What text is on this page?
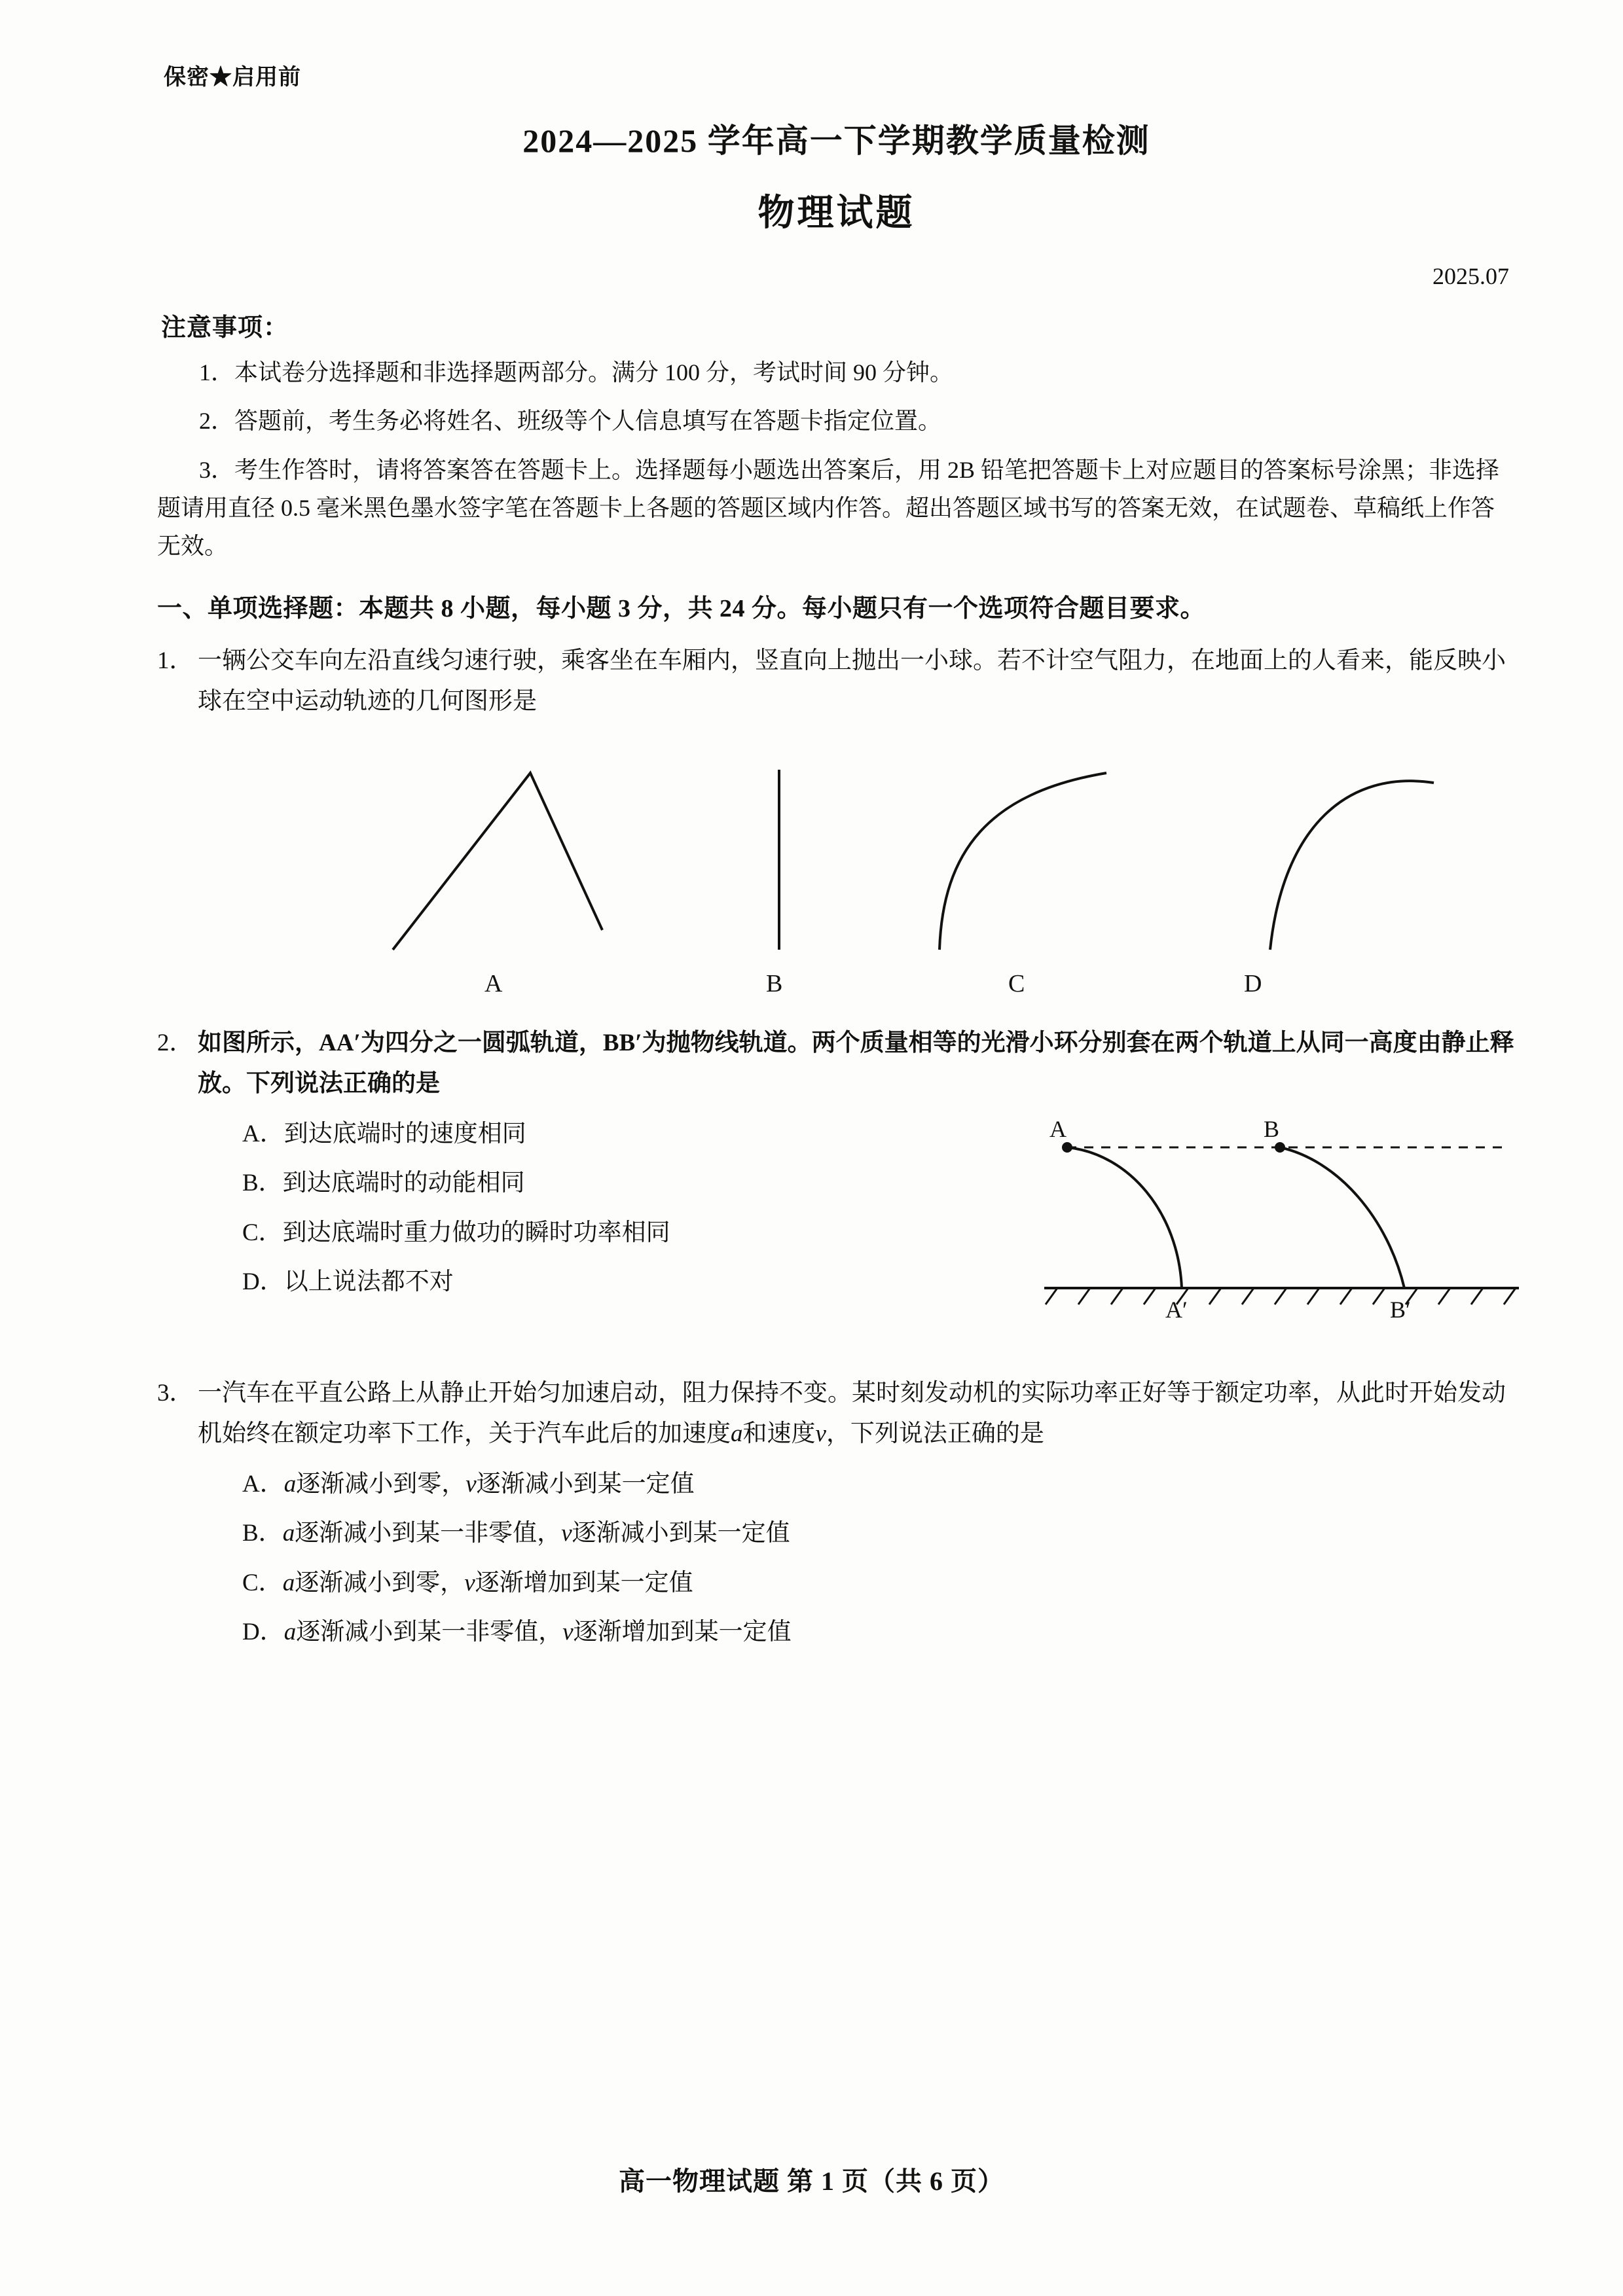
保密★启用前
2024—2025 学年高一下学期教学质量检测
物理试题
2025.07
注意事项：
1．本试卷分选择题和非选择题两部分。满分 100 分，考试时间 90 分钟。
2．答题前，考生务必将姓名、班级等个人信息填写在答题卡指定位置。
3．考生作答时，请将答案答在答题卡上。选择题每小题选出答案后，用 2B 铅笔把答题卡上对应题目的答案标号涂黑；非选择题请用直径 0.5 毫米黑色墨水签字笔在答题卡上各题的答题区域内作答。超出答题区域书写的答案无效，在试题卷、草稿纸上作答无效。
一、单项选择题：本题共 8 小题，每小题 3 分，共 24 分。每小题只有一个选项符合题目要求。
1． 一辆公交车向左沿直线匀速行驶，乘客坐在车厢内，竖直向上抛出一小球。若不计空气阻力，在地面上的人看来，能反映小球在空中运动轨迹的几何图形是
A	B	C	D
2． 如图所示，AA′为四分之一圆弧轨道，BB′为抛物线轨道。两个质量相等的光滑小环分别套在两个轨道上从同一高度由静止释放。下列说法正确的是
A．到达底端时的速度相同
B．到达底端时的动能相同
C．到达底端时重力做功的瞬时功率相同
D．以上说法都不对
A	B
A′	B′
3． 一汽车在平直公路上从静止开始匀加速启动，阻力保持不变。某时刻发动机的实际功率正好等于额定功率，从此时开始发动机始终在额定功率下工作，关于汽车此后的加速度a和速度v，下列说法正确的是
A．a逐渐减小到零，v逐渐减小到某一定值
B．a逐渐减小到某一非零值，v逐渐减小到某一定值
C．a逐渐减小到零，v逐渐增加到某一定值
D．a逐渐减小到某一非零值，v逐渐增加到某一定值
高一物理试题 第 1 页（共 6 页）
